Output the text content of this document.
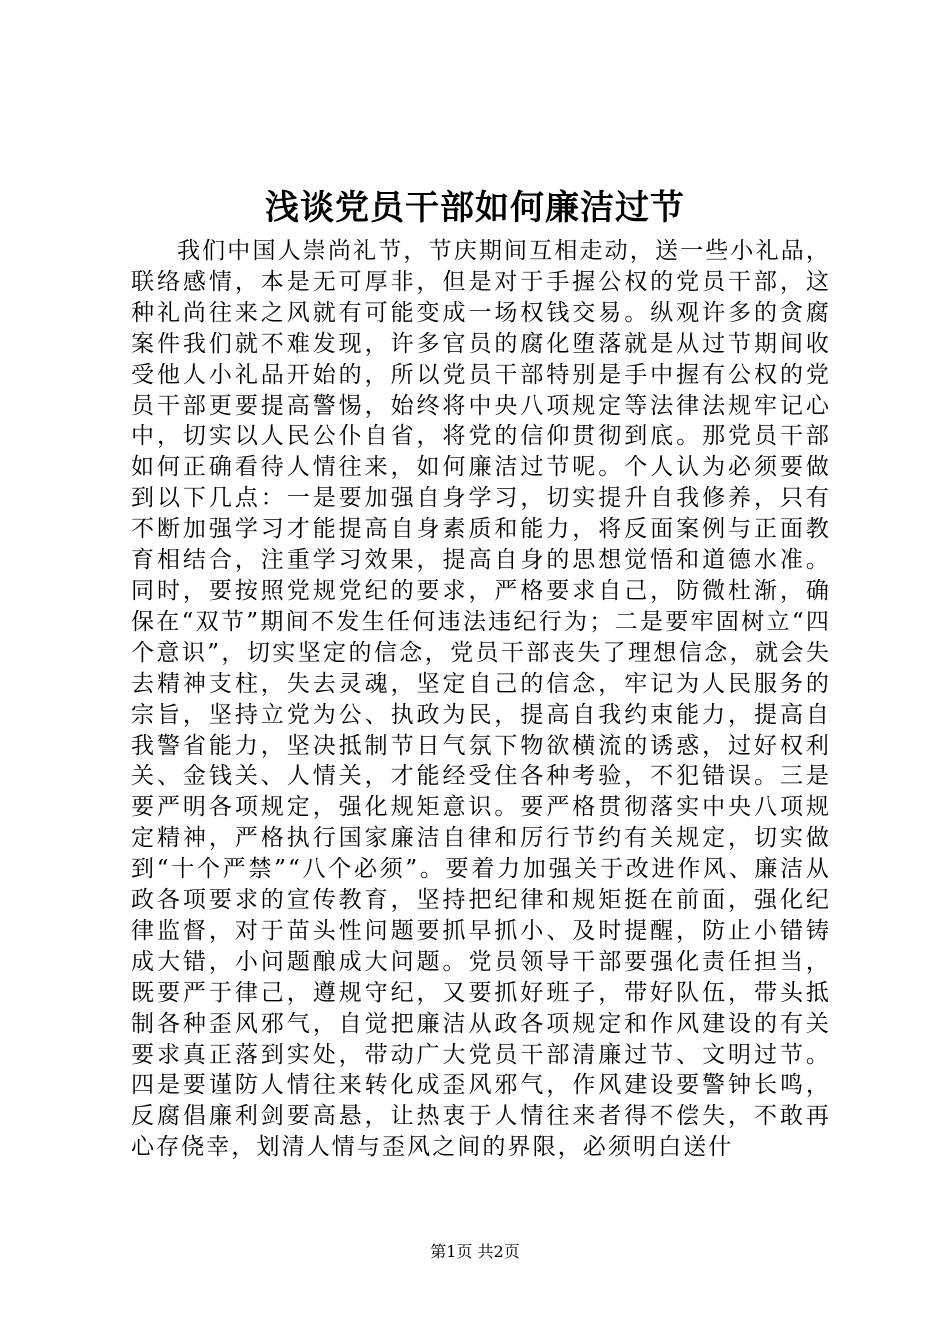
浅谈党员干部如何廉洁过节

我们中国人崇尚礼节，节庆期间互相走动，送一些小礼品，联络感情，本是无可厚非，但是对于手握公权的党员干部，这种礼尚往来之风就有可能变成一场权钱交易。纵观许多的贪腐案件我们就不难发现，许多官员的腐化堕落就是从过节期间收受他人小礼品开始的，所以党员干部特别是手中握有公权的党员干部更要提高警惕，始终将中央八项规定等法律法规牢记心中，切实以人民公仆自省，将党的信仰贯彻到底。那党员干部如何正确看待人情往来，如何廉洁过节呢。个人认为必须要做到以下几点：一是要加强自身学习，切实提升自我修养，只有不断加强学习才能提高自身素质和能力，将反面案例与正面教育相结合，注重学习效果，提高自身的思想觉悟和道德水准。同时，要按照党规党纪的要求，严格要求自己，防微杜渐，确保在“双节”期间不发生任何违法违纪行为；二是要牢固树立“四个意识”，切实坚定的信念，党员干部丧失了理想信念，就会失去精神支柱，失去灵魂，坚定自己的信念，牢记为人民服务的宗旨，坚持立党为公、执政为民，提高自我约束能力，提高自我警省能力，坚决抵制节日气氛下物欲横流的诱惑，过好权利关、金钱关、人情关，才能经受住各种考验，不犯错误。三是要严明各项规定，强化规矩意识。要严格贯彻落实中央八项规定精神，严格执行国家廉洁自律和厉行节约有关规定，切实做到“十个严禁”“八个必须”。要着力加强关于改进作风、廉洁从政各项要求的宣传教育，坚持把纪律和规矩挺在前面，强化纪律监督，对于苗头性问题要抓早抓小、及时提醒，防止小错铸成大错，小问题酿成大问题。党员领导干部要强化责任担当，既要严于律己，遵规守纪，又要抓好班子，带好队伍，带头抵制各种歪风邪气，自觉把廉洁从政各项规定和作风建设的有关要求真正落到实处，带动广大党员干部清廉过节、文明过节。四是要谨防人情往来转化成歪风邪气，作风建设要警钟长鸣，反腐倡廉利剑要高悬，让热衷于人情往来者得不偿失，不敢再心存侥幸，划清人情与歪风之间的界限，必须明白送什

第1页 共2页
